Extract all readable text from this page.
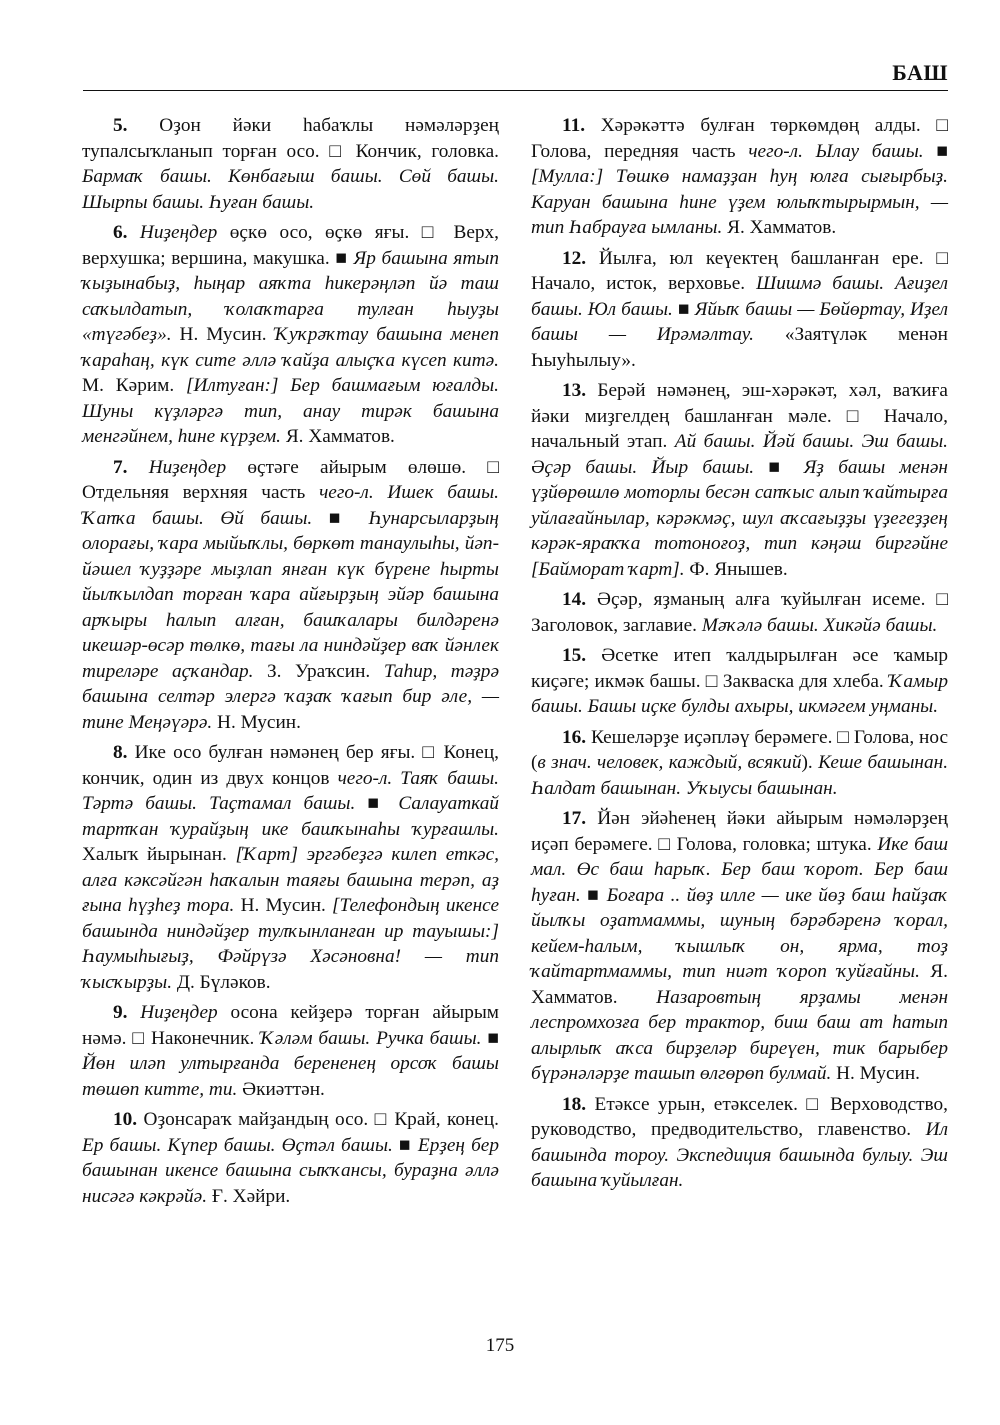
БАШ

5. Оҙон йәки һабаҡлы нәмәләрҙең тупалсыҡланып торған осо. □ Кончик, головка. Бармаҡ башы. Көнбағыш башы. Сөй башы. Шырпы башы. Һуған башы.

6. Ниҙеңдер өҫкө осо, өҫкө яғы. □ Верх, верхушка; вершина, макушка. ■ Яр башына ятып ҡыҙынабыҙ, һыңар аяҡта һикерәңләп йә таш саҡылдатып, ҡолаҡтарға тулған һыуҙы «түгәбеҙ». Н. Мусин. Ҡуҡрәҡтау башына менеп ҡараһаң, күк сите әллә ҡайҙа алыҫҡа күсеп китә. М. Кәрим. [Илтуған:] Бер башмағым юғалды. Шуны күҙләргә тип, анау тирәк башына менгәйнем, һине күрҙем. Я. Хамматов.

7. Ниҙеңдер өҫтәге айырым өлөшө. □ Отдельняя верхняя часть чего-л. Ишек башы. Ҡапҡа башы. Өй башы. ■ Һунарсыларҙың олорағы, ҡара мыйыҡлы, бөркөт танаулыһы, йәп-йәшел ҡуҙҙәре мыҙлап янған күк бүрене һырты йылҡылдап торған ҡара айғырҙың эйәр башына арҡыры һалып алған, башҡалары билдәренә икешәр-өсәр төлкө, тағы ла ниндәйҙер ваҡ йәнлек тиреләре аҫҡандар. З. Ураҡсин. Таһир, тәҙрә башына селтәр элергә ҡаҙаҡ ҡағып бир әле, — тине Меңәүәрә. Н. Мусин.

8. Ике осо булған нәмәнең бер яғы. □ Конец, кончик, один из двух концов чего-л. Таяҡ башы. Тәртә башы. Таҫтамал башы. ■ Салауаткай тартҡан ҡурайҙың ике башҡынаһы ҡурғашлы. Халыҡ йырынан. [Ҡарт] эргәбеҙгә килеп еткәс, алға кәксәйгән һаҡалын таяғы башына терәп, аҙ ғына һүҙһеҙ тора. Н. Мусин. [Телефондың икенсе башында ниндәйҙер тулҡынланған ир тауышы:] Һаумыһығыҙ, Фәйрүзә Хәсәновна! — тип ҡысҡырҙы. Д. Бүләков.

9. Ниҙеңдер осона кейҙерә торған айырым нәмә. □ Наконечник. Ҡәләм башы. Ручка башы. ■ Йөн иләп ултырғанда берененең орсоҡ башы төшөп китте, ти. Әкиәттән.

10. Оҙонсараҡ майҙандың осо. □ Край, конец. Ер башы. Күпер башы. Өҫтәл башы. ■ Ерҙең бер башынан икенсе башына сыҡҡансы, бураҙна әллә нисәгә кәкрәйә. Ғ. Хәйри.

11. Хәрәкәттә булған төркөмдөң алды. □ Голова, передняя часть чего-л. Ылау башы. ■ [Мулла:] Төшкө намаҙҙан һуң юлға сығырбыҙ. Каруан башына һине үҙем юлыҡтырырмын, — тип Һабрауға ымланы. Я. Хамматов.

12. Йылға, юл кеүектең башланған ере. □ Начало, исток, верховье. Шишмә башы. Ағиҙел башы. Юл башы. ■ Яйыҡ башы — Бөйөртау, Иҙел башы — Ирәмәлтау. «Заятүләк менән Һыуһылыу».

13. Берәй нәмәнең, эш-хәрәкәт, хәл, ваҡиға йәки миҙгелдең башланған мәле. □ Начало, начальный этап. Ай башы. Йәй башы. Эш башы. Әҫәр башы. Йыр башы. ■ Яҙ башы менән үҙйөрөшлө моторлы бесән сапҡыс алып ҡайтырға уйлағайнылар, кәрәкмәҫ, шул аҡсағыҙҙы үҙегеҙҙең кәрәк-яраҡҡа тотоноғоҙ, тип кәңәш биргәйне [Байморат ҡарт]. Ф. Янышев.

14. Әҫәр, яҙманың алға ҡуйылған исеме. □ Заголовок, заглавие. Мәҡәлә башы. Хикәйә башы.

15. Әсетке итеп ҡалдырылған әсе ҡамыр киҫәге; икмәк башы. □ Закваска для хлеба. Ҡамыр башы. Башы иҫке булды ахыры, икмәгем уңманы.

16. Кешеләрҙе иҫәпләү берәмеге. □ Голова, нос (в знач. человек, каждый, всякий). Кеше башынан. Һалдат башынан. Уҡыусы башынан.

17. Йән эйәһенең йәки айырым нәмәләрҙең иҫәп берәмеге. □ Голова, головка; штука. Ике баш мал. Өс баш һарыҡ. Бер баш ҡорот. Бер баш һуған. ■ Боғара .. йөҙ илле — ике йөҙ баш һайҙаҡ йылҡы оҙатмаммы, шуның бәрәбәренә ҡорал, кейем-һалым, ҡышлыҡ он, ярма, тоҙ ҡайтартмаммы, тип ниәт ҡороп ҡуйғайны. Я. Хамматов. Назаровтың ярҙамы менән леспромхозға бер трактор, биш баш ат һатып алырлыҡ аҡса бирҙеләр биреүен, тик барыбер бүрәнәләрҙе ташып өлгөрөп булмай. Н. Мусин.

18. Етәксе урын, етәкселек. □ Верховодство, руководство, предводительство, главенство. Ил башында тороу. Экспедиция башында булыу. Эш башына ҡуйылған.

175
